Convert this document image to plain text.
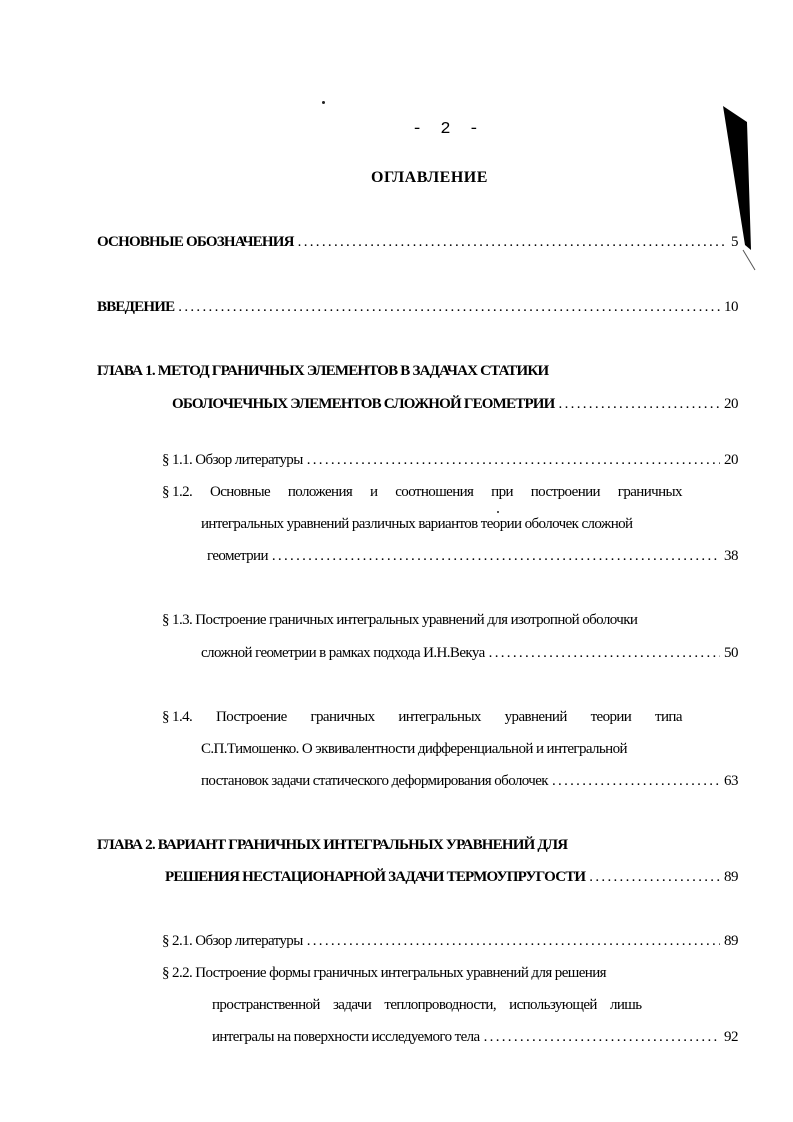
- 2 -
ОГЛАВЛЕНИЕ
ОСНОВНЫЕ ОБОЗНАЧЕНИЯ .....	5
ВВЕДЕНИЕ .....	10
ГЛАВА 1. МЕТОД ГРАНИЧНЫХ ЭЛЕМЕНТОВ В ЗАДАЧАХ СТАТИКИ
ОБОЛОЧЕЧНЫХ ЭЛЕМЕНТОВ СЛОЖНОЙ ГЕОМЕТРИИ .....	20
§ 1.1. Обзор литературы .....	20
§ 1.2. Основные положения и соотношения при построении граничных
интегральных уравнений различных вариантов теории оболочек сложной
геометрии .....	38
§ 1.3. Построение граничных интегральных уравнений для изотропной оболочки
сложной геометрии в рамках подхода И.Н.Векуа .....	50
§ 1.4. Построение граничных интегральных уравнений теории типа
С.П.Тимошенко. О эквивалентности дифференциальной и интегральной
постановок задачи статического деформирования оболочек .....	63
ГЛАВА 2. ВАРИАНТ ГРАНИЧНЫХ ИНТЕГРАЛЬНЫХ УРАВНЕНИЙ ДЛЯ
РЕШЕНИЯ НЕСТАЦИОНАРНОЙ ЗАДАЧИ ТЕРМОУПРУГОСТИ .....	89
§ 2.1. Обзор литературы .....	89
§ 2.2. Построение формы граничных интегральных уравнений для решения
пространственной задачи теплопроводности, использующей лишь
интегралы на поверхности исследуемого тела .....	92
